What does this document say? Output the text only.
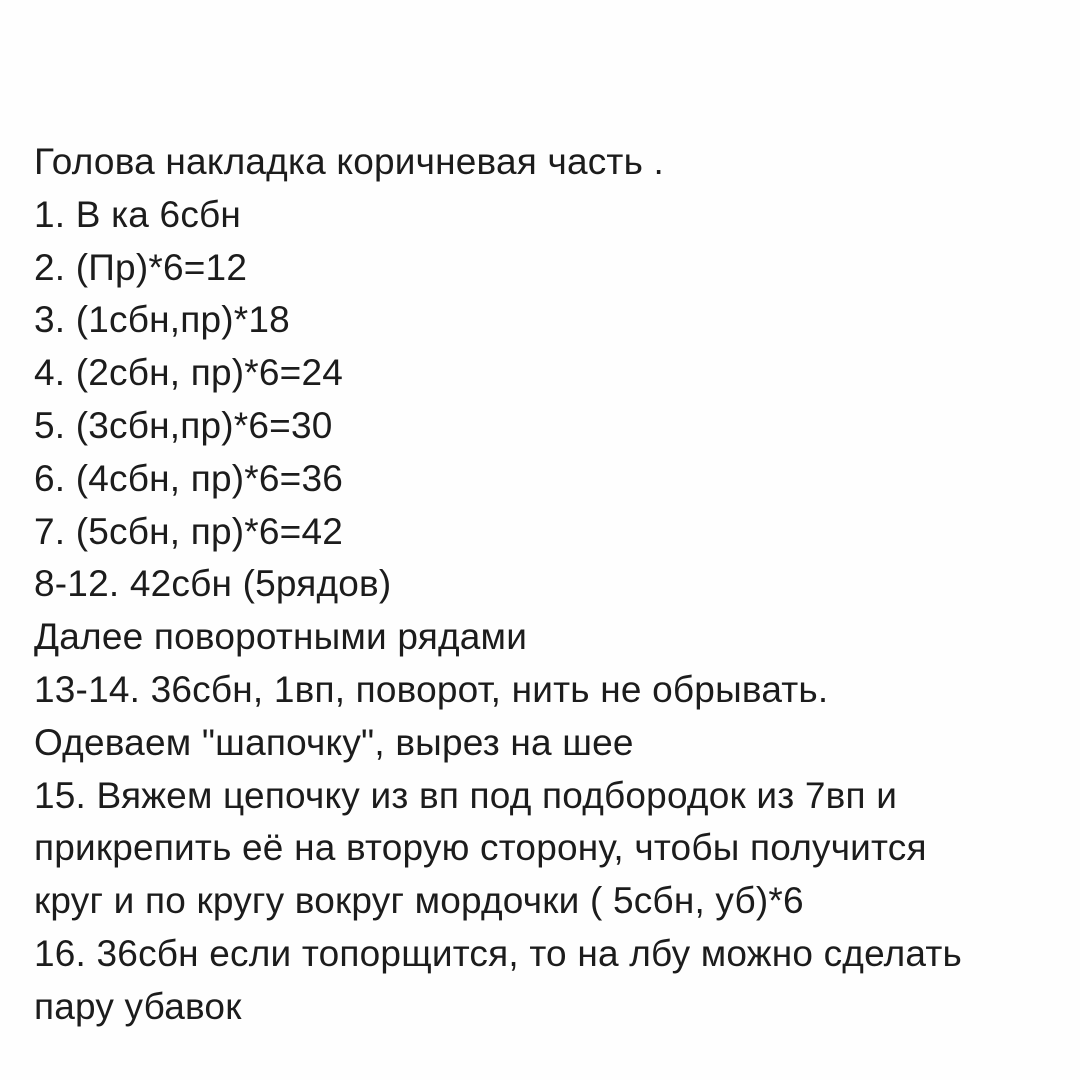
Голова накладка коричневая часть .

1. В ка 6сбн

2. (Пр)*6=12

3. (1сбн,пр)*18

4. (2сбн, пр)*6=24

5. (3сбн,пр)*6=30

6. (4сбн, пр)*6=36

7. (5сбн, пр)*6=42

8-12. 42сбн (5рядов)

Далее поворотными рядами

13-14. 36сбн, 1вп, поворот, нить не обрывать.

Одеваем "шапочку", вырез на шее

15. Вяжем цепочку из вп под подбородок из 7вп и

прикрепить её на вторую сторону, чтобы получится

круг и по кругу вокруг мордочки ( 5сбн, уб)*6

16. 36сбн если топорщится, то на лбу можно сделать

пару убавок
